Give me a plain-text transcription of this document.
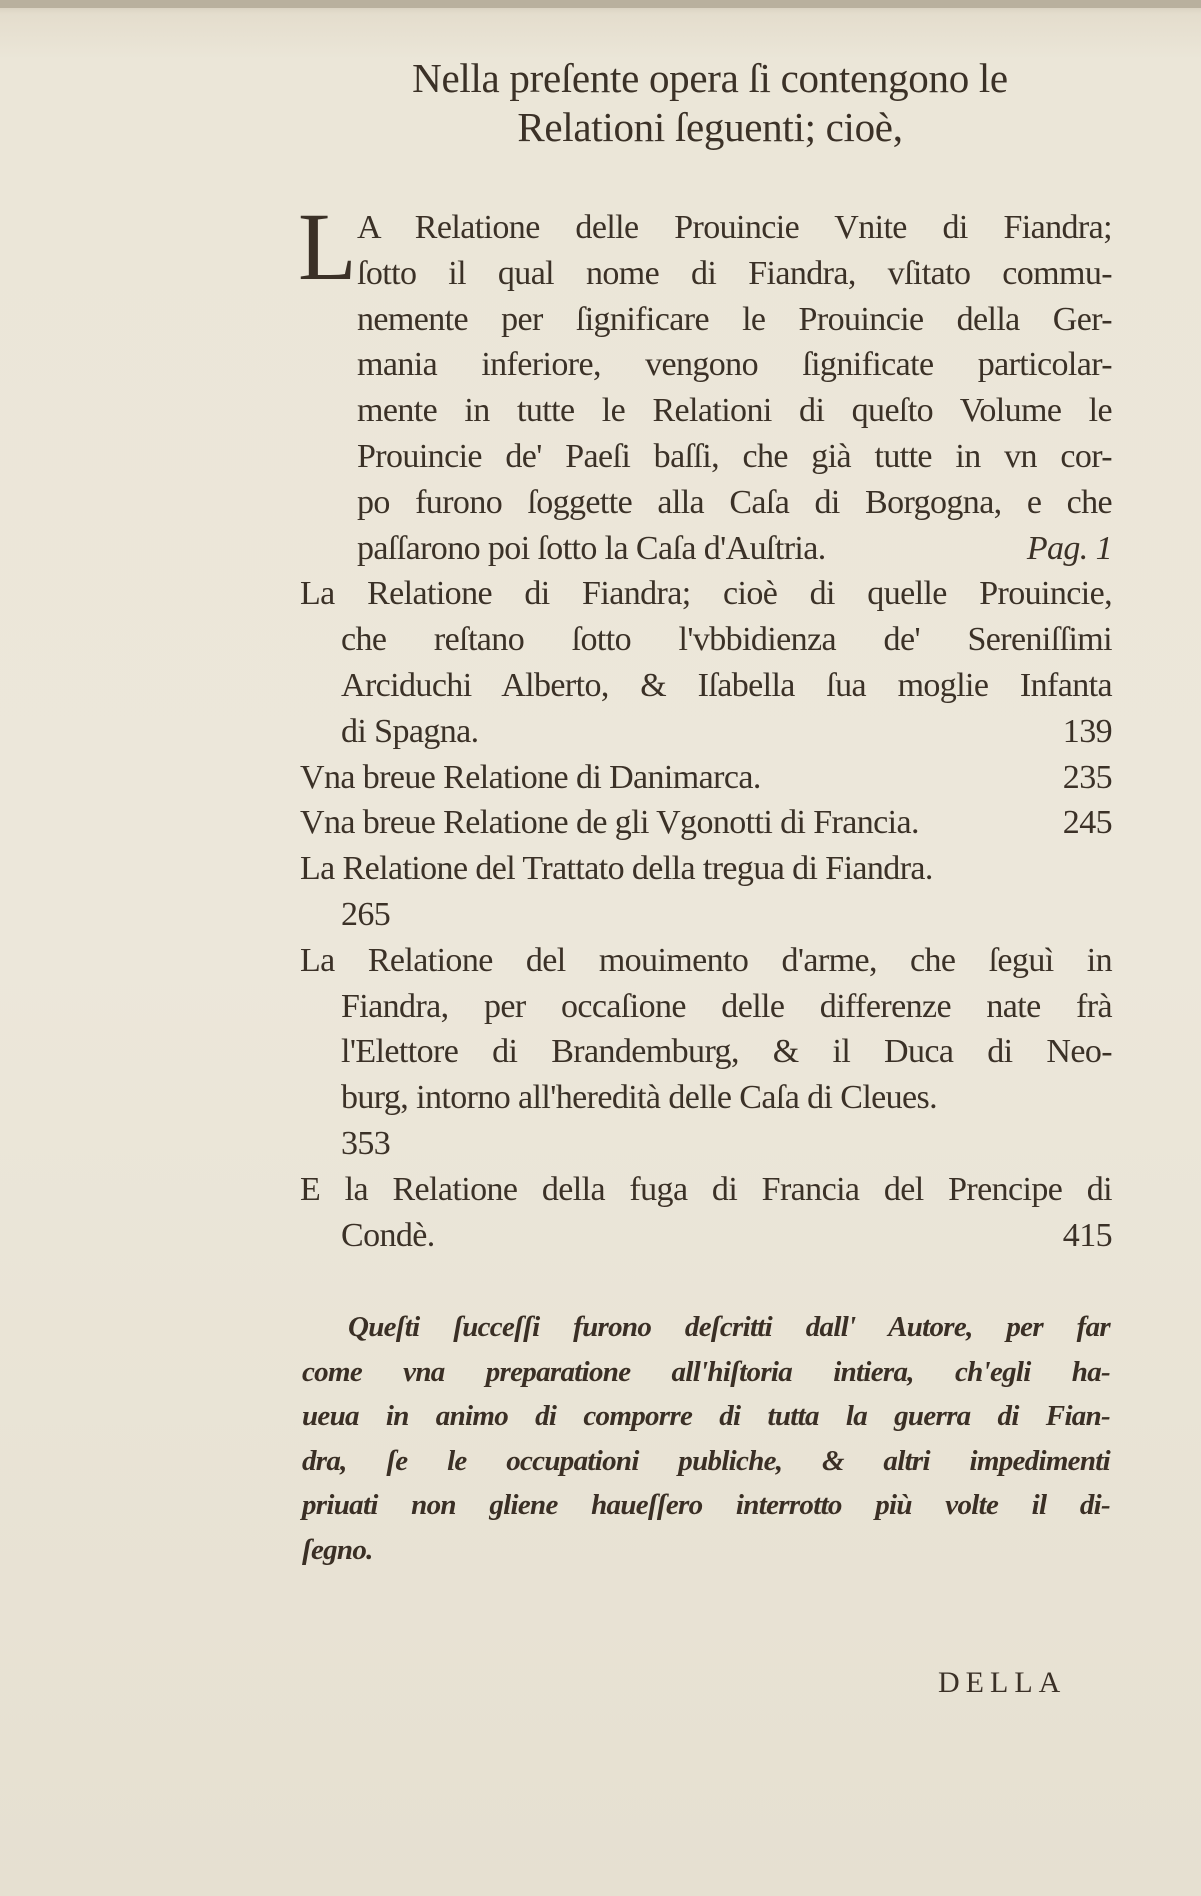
Nella preſente opera ſi contengono le
Relationi ſeguenti; cioè,
L A Relatione delle Prouincie Vnite di Fiandra;
ſotto il qual nome di Fiandra, vſitato commu-
nemente per ſignificare le Prouincie della Ger-
mania inferiore, vengono ſignificate particolar-
mente in tutte le Relationi di queſto Volume le
Prouincie de' Paeſi baſſi, che già tutte in vn cor-
po furono ſoggette alla Caſa di Borgogna, e che
Pag. 1
paſſarono poi ſotto la Caſa d'Auſtria.
La Relatione di Fiandra; cioè di quelle Prouincie,
che reſtano ſotto l'vbbidienza de' Sereniſſimi
Arciduchi Alberto, & Iſabella ſua moglie Infanta
139
di Spagna.
235
Vna breue Relatione di Danimarca.
245
Vna breue Relatione de gli Vgonotti di Francia.
La Relatione del Trattato della tregua di Fiandra.
265
La Relatione del mouimento d'arme, che ſeguì in
Fiandra, per occaſione delle differenze nate frà
l'Elettore di Brandemburg, & il Duca di Neo-
burg, intorno all'heredità delle Caſa di Cleues.
353
E la Relatione della fuga di Francia del Prencipe di
415
Condè.
Queſti ſucceſſi furono deſcritti dall' Autore, per far
come vna preparatione all'hiſtoria intiera, ch'egli ha-
ueua in animo di comporre di tutta la guerra di Fian-
dra, ſe le occupationi publiche, & altri impedimenti
priuati non gliene haueſſero interrotto più volte il di-
ſegno.
DELLA
